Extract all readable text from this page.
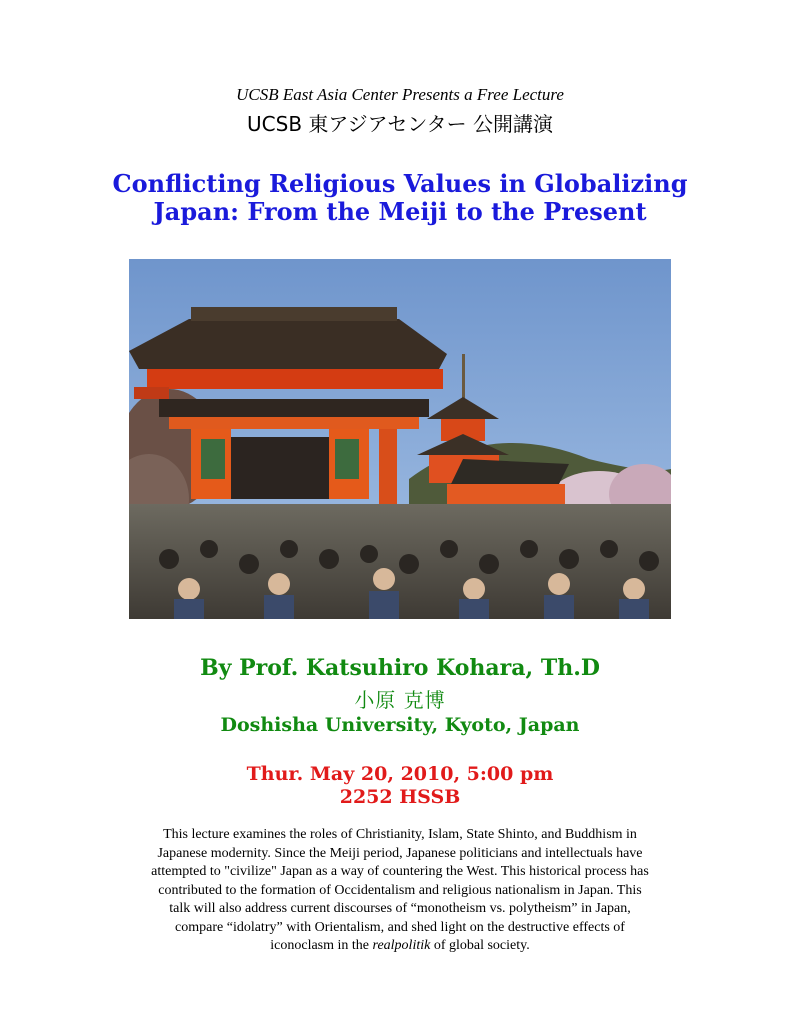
UCSB East Asia Center Presents a Free Lecture
UCSB 東アジアセンター 公開講演
Conflicting Religious Values in Globalizing
Japan: From the Meiji to the Present
By Prof. Katsuhiro Kohara, Th.D
小原 克博
Doshisha University, Kyoto, Japan
Thur. May 20, 2010, 5:00 pm
2252 HSSB
This lecture examines the roles of Christianity, Islam, State Shinto, and Buddhism in
Japanese modernity. Since the Meiji period, Japanese politicians and intellectuals have
attempted to "civilize" Japan as a way of countering the West. This historical process has
contributed to the formation of Occidentalism and religious nationalism in Japan. This
talk will also address current discourses of “monotheism vs. polytheism” in Japan,
compare “idolatry” with Orientalism, and shed light on the destructive effects of
iconoclasm in the realpolitik of global society.
